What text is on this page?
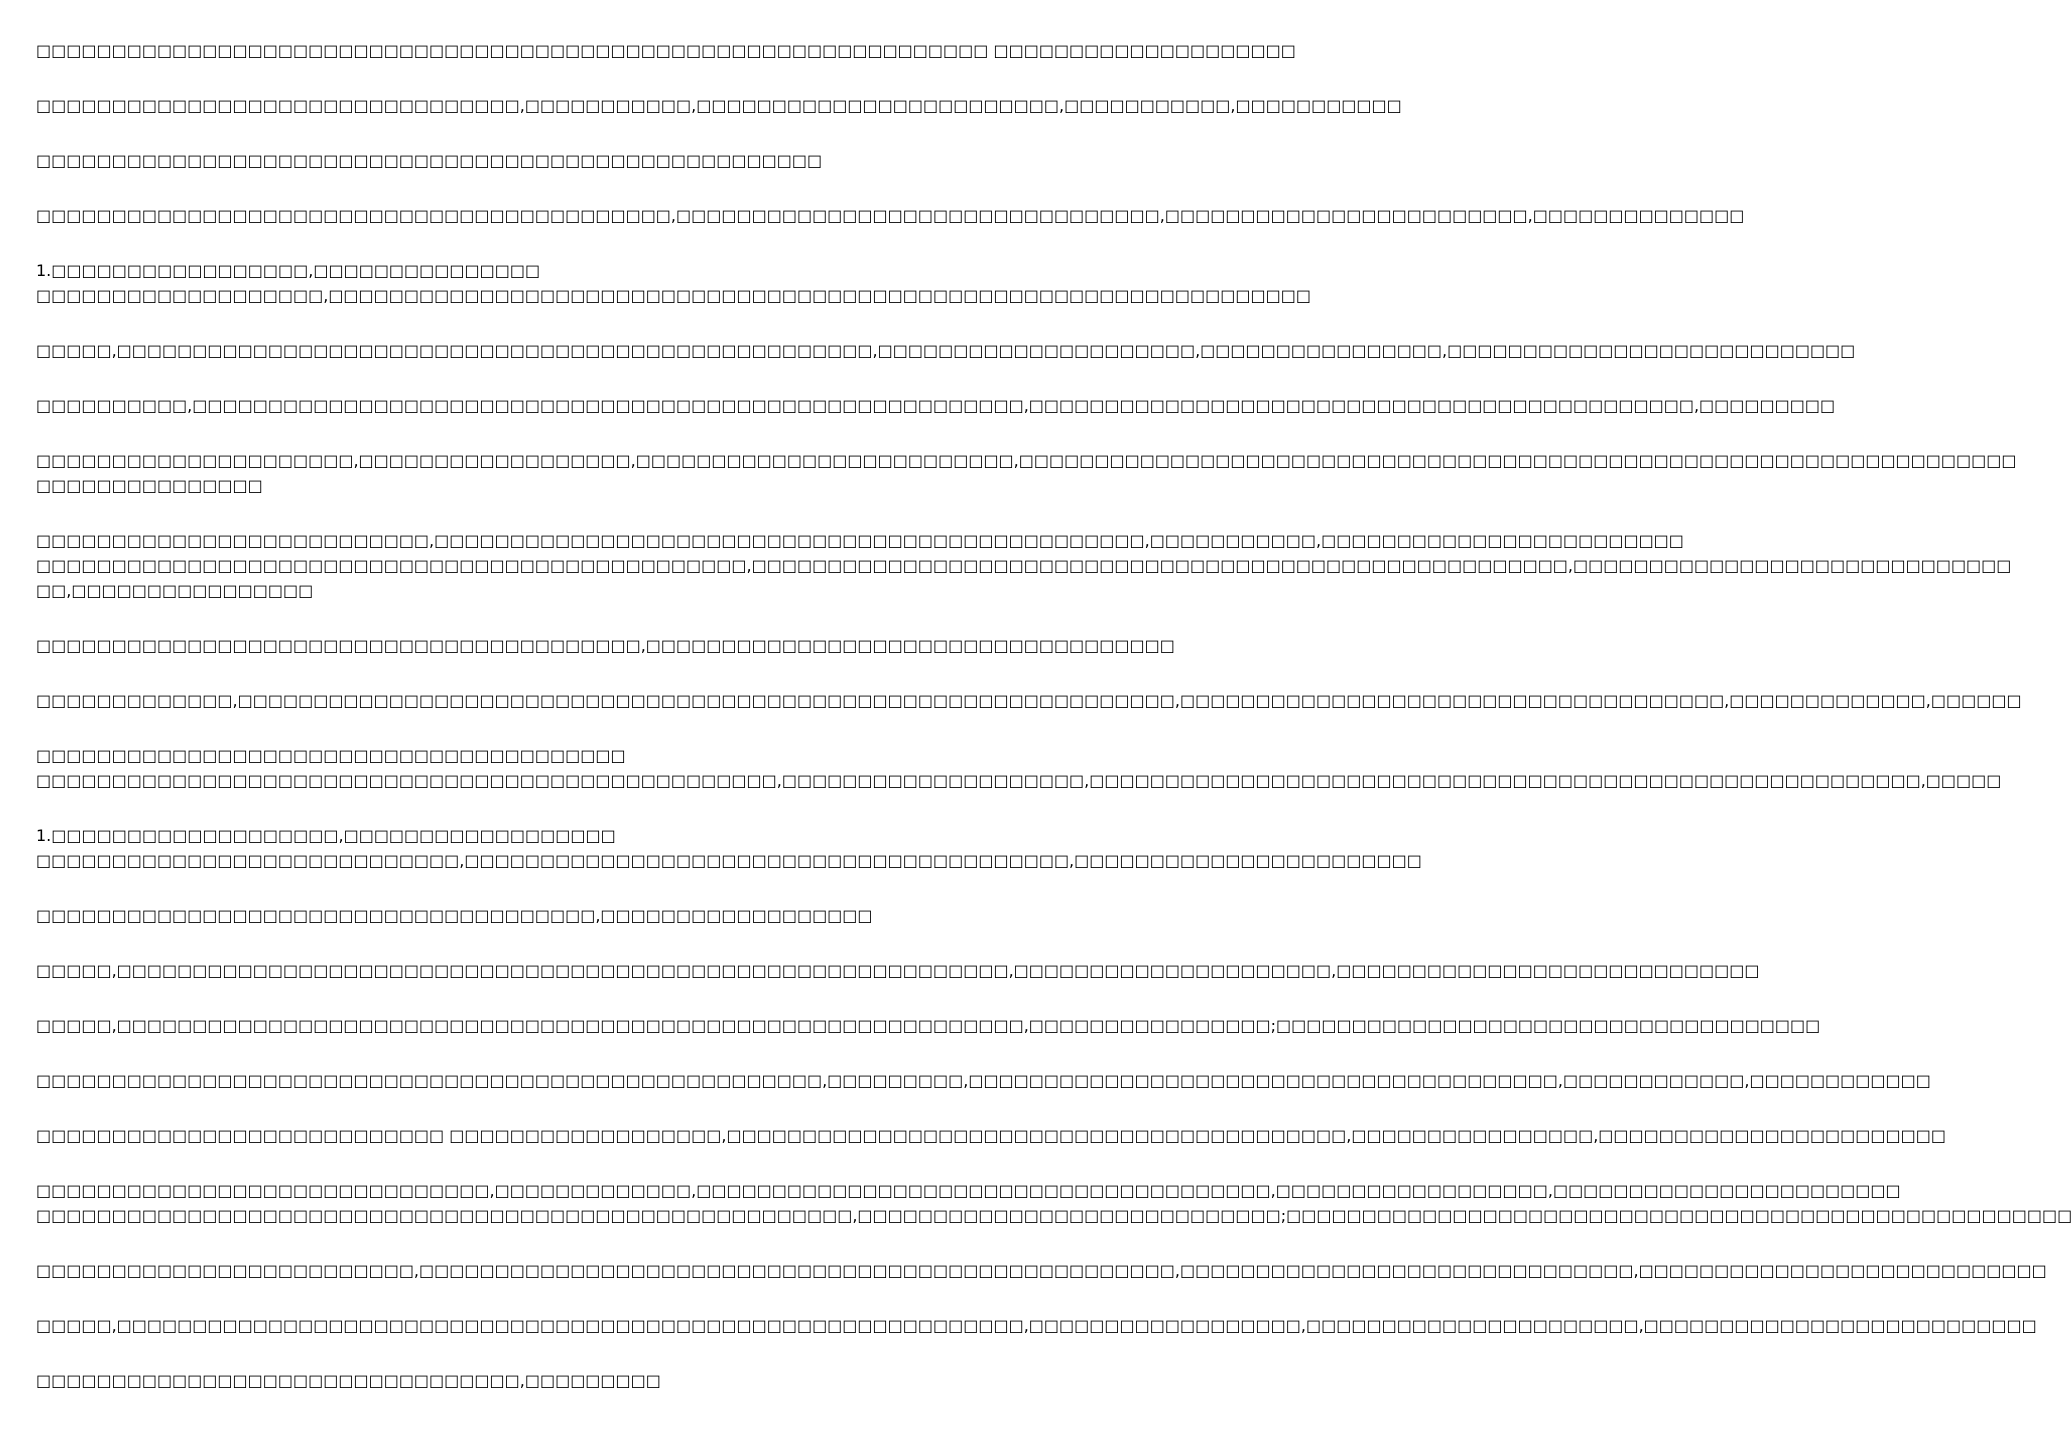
□□□□□□□□□□□□□□□□□□□□□□□□□□□□□□□□□□□□□□□□□□□□□□□□□□□□□□□□□□□□□□□ □□□□□□□□□□□□□□□□□□□□
□□□□□□□□□□□□□□□□□□□□□□□□□□□□□□□□,□□□□□□□□□□□,□□□□□□□□□□□□□□□□□□□□□□□□,□□□□□□□□□□□,□□□□□□□□□□□
□□□□□□□□□□□□□□□□□□□□□□□□□□□□□□□□□□□□□□□□□□□□□□□□□□□□
□□□□□□□□□□□□□□□□□□□□□□□□□□□□□□□□□□□□□□□□□□,□□□□□□□□□□□□□□□□□□□□□□□□□□□□□□□□,□□□□□□□□□□□□□□□□□□□□□□□□,□□□□□□□□□□□□□□
1.□□□□□□□□□□□□□□□□□,□□□□□□□□□□□□□□□
□□□□□□□□□□□□□□□□□□□,□□□□□□□□□□□□□□□□□□□□□□□□□□□□□□□□□□□□□□□□□□□□□□□□□□□□□□□□□□□□□□□□□
□□□□□,□□□□□□□□□□□□□□□□□□□□□□□□□□□□□□□□□□□□□□□□□□□□□□□□□□,□□□□□□□□□□□□□□□□□□□□□,□□□□□□□□□□□□□□□□,□□□□□□□□□□□□□□□□□□□□□□□□□□□
□□□□□□□□□□,□□□□□□□□□□□□□□□□□□□□□□□□□□□□□□□□□□□□□□□□□□□□□□□□□□□□□□□,□□□□□□□□□□□□□□□□□□□□□□□□□□□□□□□□□□□□□□□□□□□□,□□□□□□□□□
□□□□□□□□□□□□□□□□□□□□□,□□□□□□□□□□□□□□□□□□,□□□□□□□□□□□□□□□□□□□□□□□□□,□□□□□□□□□□□□□□□□□□□□□□□□□□□□□□□□□□□□□□□□□□□□□□□□□□□□□□□□□□□□□□□□□□
□□□□□□□□□□□□□□□
□□□□□□□□□□□□□□□□□□□□□□□□□□,□□□□□□□□□□□□□□□□□□□□□□□□□□□□□□□□□□□□□□□□□□□□□□□,□□□□□□□□□□□,□□□□□□□□□□□□□□□□□□□□□□□□
□□□□□□□□□□□□□□□□□□□□□□□□□□□□□□□□□□□□□□□□□□□□□□□,□□□□□□□□□□□□□□□□□□□□□□□□□□□□□□□□□□□□□□□□□□□□□□□□□□□□□□,□□□□□□□□□□□□□□□□□□□□□□□□□□□□□
□□,□□□□□□□□□□□□□□□□
□□□□□□□□□□□□□□□□□□□□□□□□□□□□□□□□□□□□□□□□,□□□□□□□□□□□□□□□□□□□□□□□□□□□□□□□□□□□
□□□□□□□□□□□□□,□□□□□□□□□□□□□□□□□□□□□□□□□□□□□□□□□□□□□□□□□□□□□□□□□□□□□□□□□□□□□□,□□□□□□□□□□□□□□□□□□□□□□□□□□□□□□□□□□□□,□□□□□□□□□□□□□,□□□□□□
□□□□□□□□□□□□□□□□□□□□□□□□□□□□□□□□□□□□□□□
□□□□□□□□□□□□□□□□□□□□□□□□□□□□□□□□□□□□□□□□□□□□□□□□□,□□□□□□□□□□□□□□□□□□□□,□□□□□□□□□□□□□□□□□□□□□□□□□□□□□□□□□□□□□□□□□□□□□□□□□□□□□□□,□□□□□
1.□□□□□□□□□□□□□□□□□□□,□□□□□□□□□□□□□□□□□□
□□□□□□□□□□□□□□□□□□□□□□□□□□□□,□□□□□□□□□□□□□□□□□□□□□□□□□□□□□□□□□□□□□□□□,□□□□□□□□□□□□□□□□□□□□□□□
□□□□□□□□□□□□□□□□□□□□□□□□□□□□□□□□□□□□□,□□□□□□□□□□□□□□□□□□
□□□□□,□□□□□□□□□□□□□□□□□□□□□□□□□□□□□□□□□□□□□□□□□□□□□□□□□□□□□□□□□□□,□□□□□□□□□□□□□□□□□□□□□,□□□□□□□□□□□□□□□□□□□□□□□□□□□□
□□□□□,□□□□□□□□□□□□□□□□□□□□□□□□□□□□□□□□□□□□□□□□□□□□□□□□□□□□□□□□□□□□,□□□□□□□□□□□□□□□□;□□□□□□□□□□□□□□□□□□□□□□□□□□□□□□□□□□□□
□□□□□□□□□□□□□□□□□□□□□□□□□□□□□□□□□□□□□□□□□□□□□□□□□□□□,□□□□□□□□□,□□□□□□□□□□□□□□□□□□□□□□□□□□□□□□□□□□□□□□□,□□□□□□□□□□□□,□□□□□□□□□□□□
□□□□□□□□□□□□□□□□□□□□□□□□□□□ □□□□□□□□□□□□□□□□□□,□□□□□□□□□□□□□□□□□□□□□□□□□□□□□□□□□□□□□□□□□,□□□□□□□□□□□□□□□□,□□□□□□□□□□□□□□□□□□□□□□□
□□□□□□□□□□□□□□□□□□□□□□□□□□□□□□,□□□□□□□□□□□□□,□□□□□□□□□□□□□□□□□□□□□□□□□□□□□□□□□□□□□□,□□□□□□□□□□□□□□□□□□,□□□□□□□□□□□□□□□□□□□□□□□
□□□□□□□□□□□□□□□□□□□□□□□□□□□□□□□□□□□□□□□□□□□□□□□□□□□□□□,□□□□□□□□□□□□□□□□□□□□□□□□□□□□;□□□□□□□□□□□□□□□□□□□□□□□□□□□□□□□□□□□□□□□□□□□□□□□□□□□□
□□□□□□□□□□□□□□□□□□□□□□□□□,□□□□□□□□□□□□□□□□□□□□□□□□□□□□□□□□□□□□□□□□□□□□□□□□□□,□□□□□□□□□□□□□□□□□□□□□□□□□□□□□□,□□□□□□□□□□□□□□□□□□□□□□□□□□□
□□□□□,□□□□□□□□□□□□□□□□□□□□□□□□□□□□□□□□□□□□□□□□□□□□□□□□□□□□□□□□□□□□,□□□□□□□□□□□□□□□□□□,□□□□□□□□□□□□□□□□□□□□□□,□□□□□□□□□□□□□□□□□□□□□□□□□□
□□□□□□□□□□□□□□□□□□□□□□□□□□□□□□□□,□□□□□□□□□
